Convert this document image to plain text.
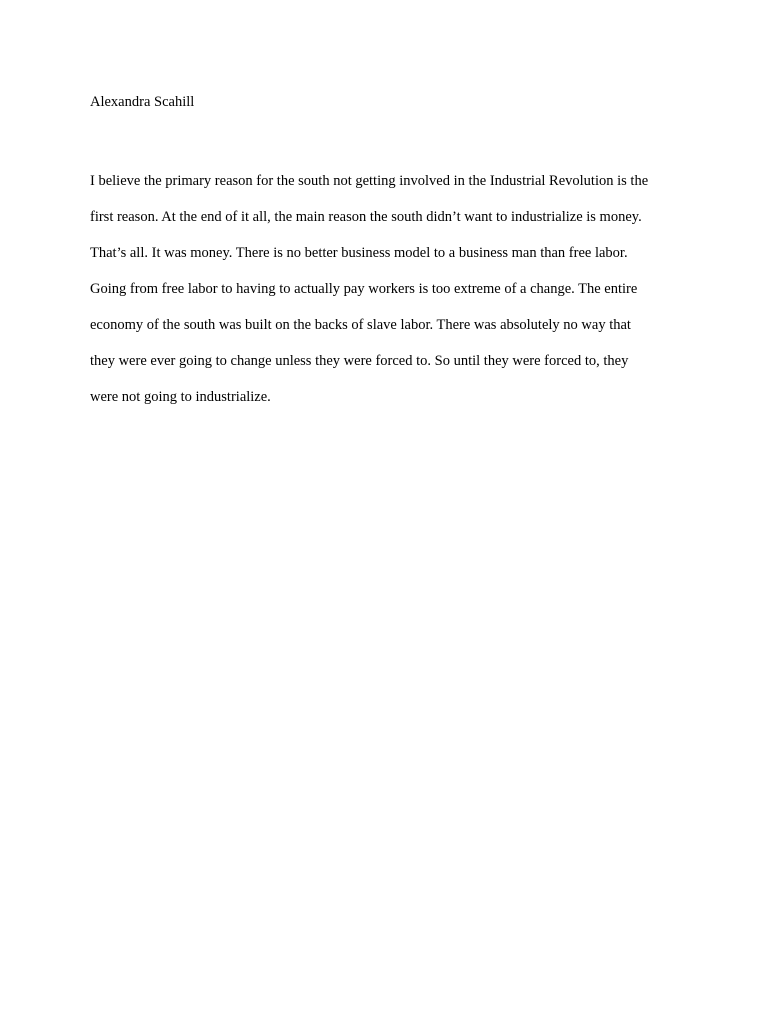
Alexandra Scahill
I believe the primary reason for the south not getting involved in the Industrial Revolution is the
first reason. At the end of it all, the main reason the south didn’t want to industrialize is money.
That’s all. It was money. There is no better business model to a business man than free labor.
Going from free labor to having to actually pay workers is too extreme of a change. The entire
economy of the south was built on the backs of slave labor. There was absolutely no way that
they were ever going to change unless they were forced to. So until they were forced to, they
were not going to industrialize.
